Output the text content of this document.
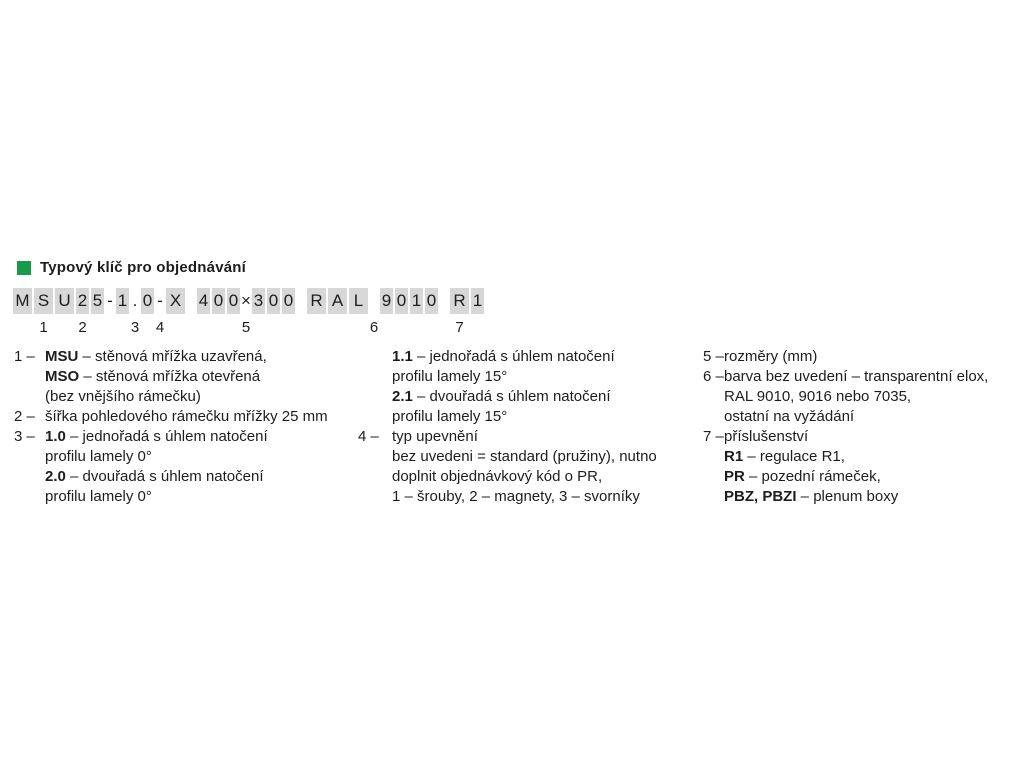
Typový klíč pro objednávání
M S
1
U 2
2
5 - 1 .
3
0 -
4
X 4 0 0 ×
5
3 0 0 R A L
6
9 0 1 0 R
7
1
1 – MSU – stěnová mřížka uzavřená,
MSO – stěnová mřížka otevřená
(bez vnějšího rámečku)
2 – šířka pohledového rámečku mřížky 25 mm
3 – 1.0 – jednořadá s úhlem natočení
profilu lamely 0°
2.0 – dvouřadá s úhlem natočení
profilu lamely 0°
1.1 – jednořadá s úhlem natočení
profilu lamely 15°
2.1 – dvouřadá s úhlem natočení
profilu lamely 15°
4 – typ upevnění
bez uvedeni = standard (pružiny), nutno
doplnit objednávkový kód o PR,
1 – šrouby, 2 – magnety, 3 – svorníky
5 – rozměry (mm)
6 – barva bez uvedení – transparentní elox,
RAL 9010, 9016 nebo 7035,
ostatní na vyžádání
7 – příslušenství
R1 – regulace R1,
PR – pozední rámeček,
PBZ, PBZI – plenum boxy
